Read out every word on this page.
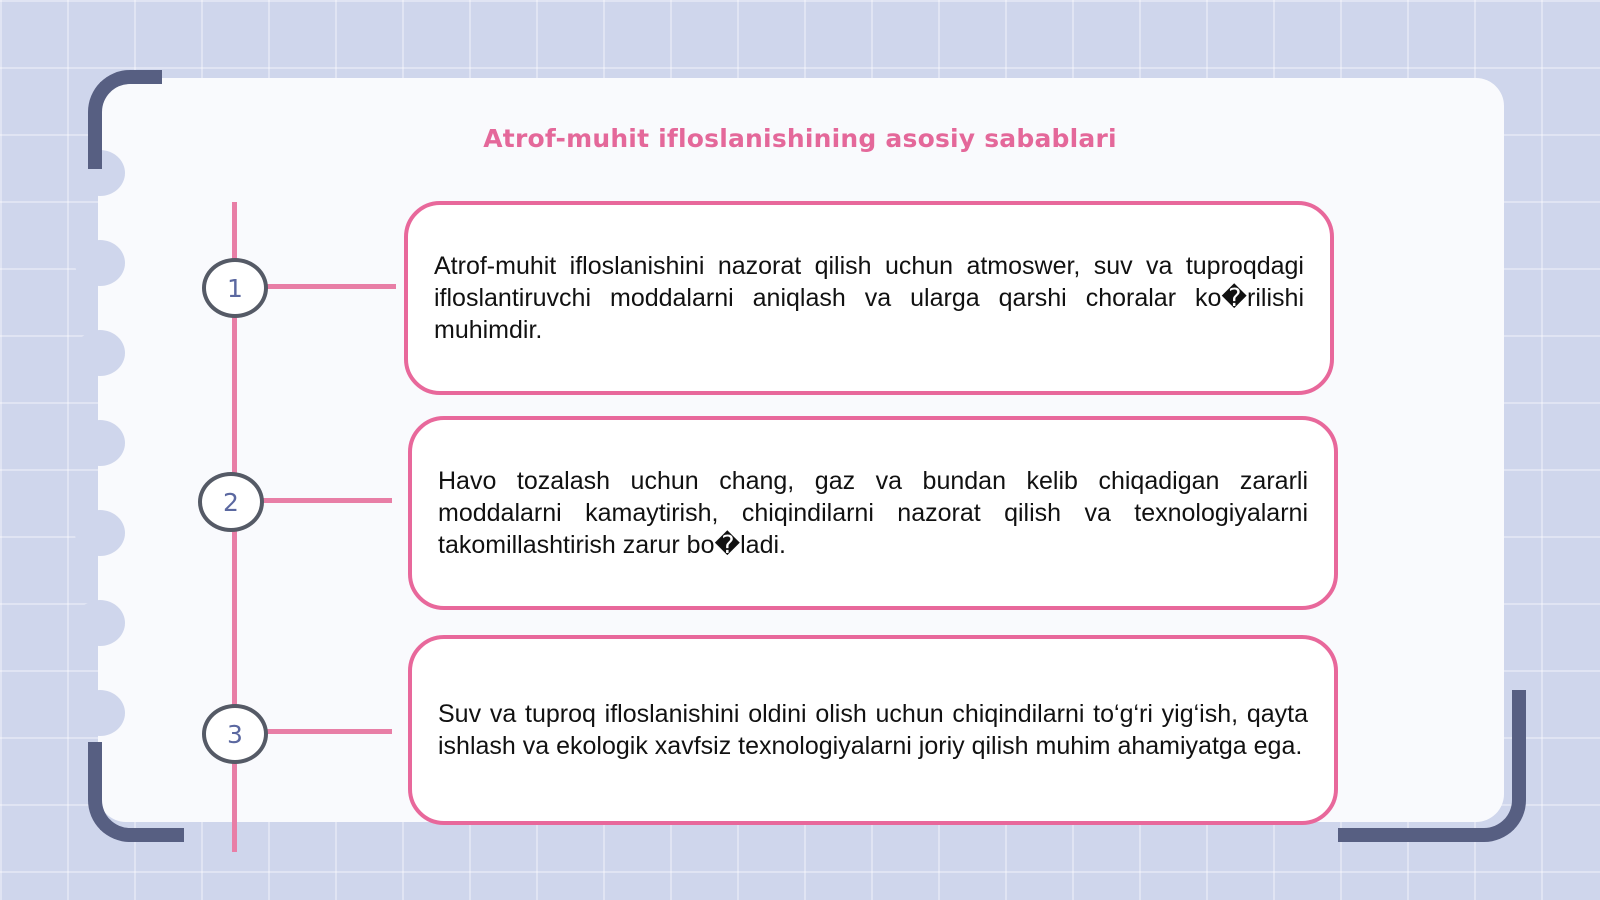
Atrof-muhit ifloslanishining asosiy sabablari
1
Atrof-muhit ifloslanishini nazorat qilish uchun atmoswer, suv va tuproqdagi ifloslantiruvchi moddalarni aniqlash va ularga qarshi choralar ko�rilishi muhimdir.
2
Havo tozalash uchun chang, gaz va bundan kelib chiqadigan zararli moddalarni kamaytirish, chiqindilarni nazorat qilish va texnologiyalarni takomillashtirish zarur bo�ladi.
3
Suv va tuproq ifloslanishini oldini olish uchun chiqindilarni to‘g‘ri yig‘ish, qayta ishlash va ekologik xavfsiz texnologiyalarni joriy qilish muhim ahamiyatga ega.
